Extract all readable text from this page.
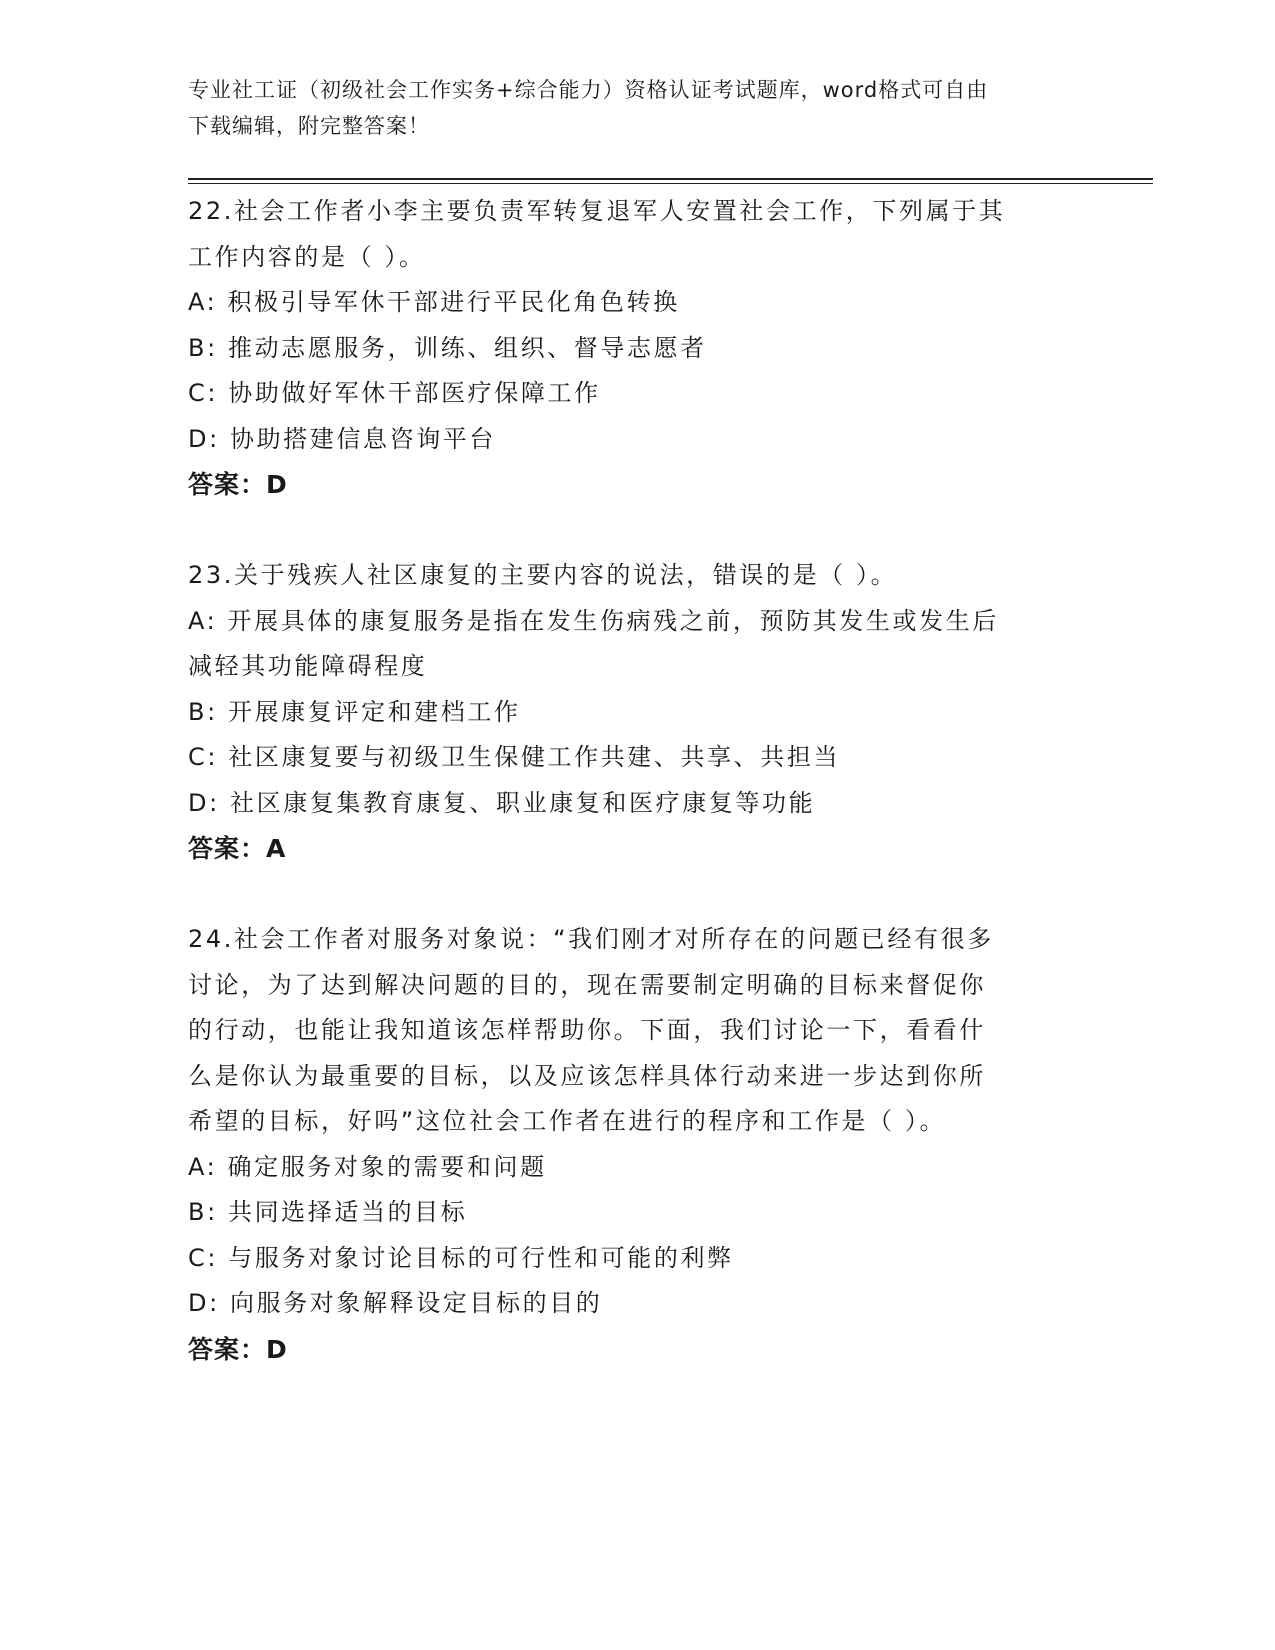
专业社工证（初级社会工作实务+综合能力）资格认证考试题库，word格式可自由
下载编辑，附完整答案！
22.社会工作者小李主要负责军转复退军人安置社会工作，下列属于其
工作内容的是（ ）。
A: 积极引导军休干部进行平民化角色转换
B: 推动志愿服务，训练、组织、督导志愿者
C: 协助做好军休干部医疗保障工作
D: 协助搭建信息咨询平台
答案：D
23.关于残疾人社区康复的主要内容的说法，错误的是（ ）。
A: 开展具体的康复服务是指在发生伤病残之前，预防其发生或发生后
减轻其功能障碍程度
B: 开展康复评定和建档工作
C: 社区康复要与初级卫生保健工作共建、共享、共担当
D: 社区康复集教育康复、职业康复和医疗康复等功能
答案：A
24.社会工作者对服务对象说：“我们刚才对所存在的问题已经有很多
讨论，为了达到解决问题的目的，现在需要制定明确的目标来督促你
的行动，也能让我知道该怎样帮助你。下面，我们讨论一下，看看什
么是你认为最重要的目标，以及应该怎样具体行动来进一步达到你所
希望的目标，好吗”这位社会工作者在进行的程序和工作是（ ）。
A: 确定服务对象的需要和问题
B: 共同选择适当的目标
C: 与服务对象讨论目标的可行性和可能的利弊
D: 向服务对象解释设定目标的目的
答案：D
